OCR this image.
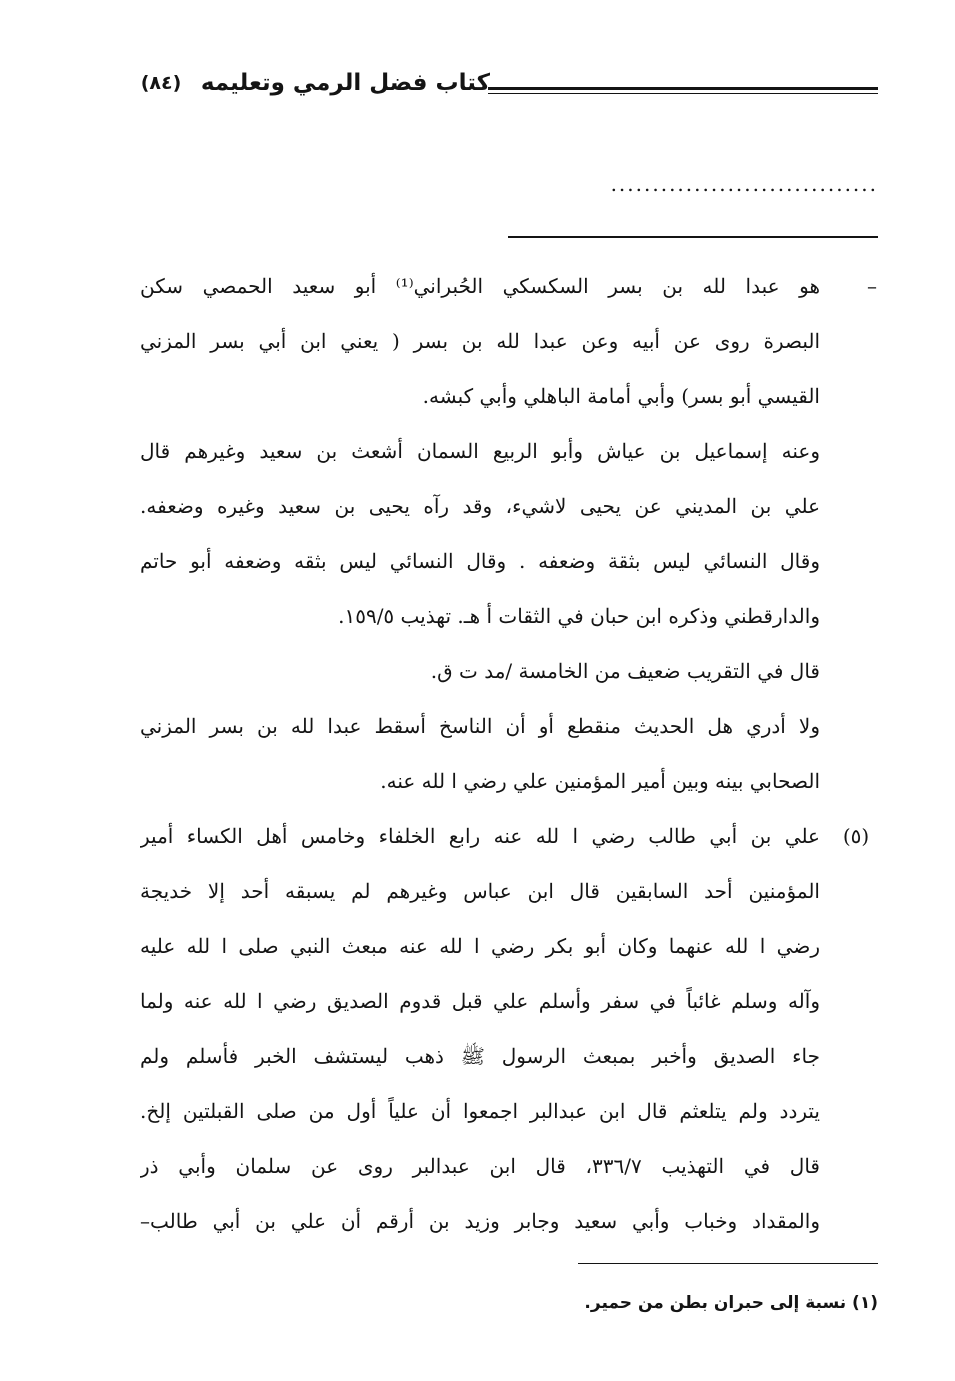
كتاب فضل الرمي وتعليمه
(٨٤)
................................
–
هو عبدا لله بن بسر السكسكي الحُبراني⁽¹⁾ أبو سعيد الحمصي سكن
البصرة روى عن أبيه وعن عبدا لله بن بسر ( يعني ابن أبي بسر المزني
القيسي أبو بسر) وأبي أمامة الباهلي وأبي كبشه.
وعنه إسماعيل بن عياش وأبو الربيع السمان أشعث بن سعيد وغيرهم قال
علي بن المديني عن يحيى لاشيء، وقد رآه يحيى بن سعيد وغيره وضعفه.
وقال النسائي ليس بثقة وضعفه . وقال النسائي ليس بثقه وضعفه أبو حاتم
والدارقطني وذكره ابن حبان في الثقات أ هـ. تهذيب ١٥٩/٥.
قال في التقريب ضعيف من الخامسة /مد ت ق.
ولا أدري هل الحديث منقطع أو أن الناسخ أسقط عبدا لله بن بسر المزني
الصحابي بينه وبين أمير المؤمنين علي رضي ا لله عنه.
(٥)
علي بن أبي طالب رضي ا لله عنه رابع الخلفاء وخامس أهل الكساء أمير
المؤمنين أحد السابقين قال ابن عباس وغيرهم لم يسبقه أحد إلا خديجة
رضي ا لله عنهما وكان أبو بكر رضي ا لله عنه مبعث النبي صلى ا لله عليه
وآله وسلم غائباً في سفر وأسلم علي قبل قدوم الصديق رضي ا لله عنه ولما
جاء الصديق وأخبر بمبعث الرسول ﷺ ذهب ليستشف الخبر فأسلم ولم
يتردد ولم يتلعثم قال ابن عبدالبر اجمعوا أن علياً أول من صلى القبلتين إلخ.
قال في التهذيب ٣٣٦/٧، قال ابن عبدالبر روى عن سلمان وأبي ذر
والمقداد وخباب وأبي سعيد وجابر وزيد بن أرقم أن علي بن أبي طالب–
(١) نسبة إلى حبران بطن من حمير.
